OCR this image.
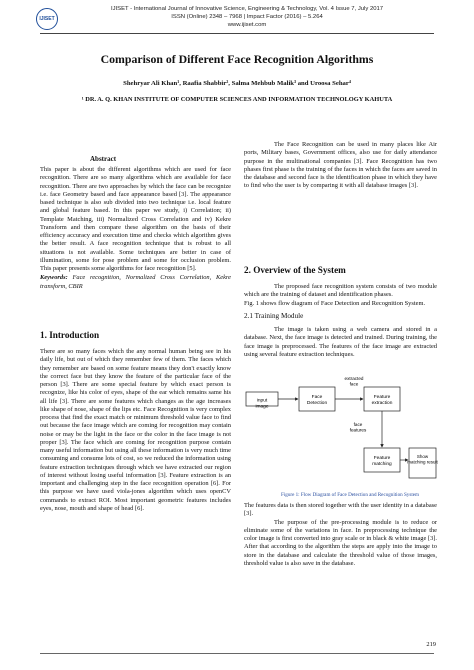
IJISET
IJISET - International Journal of Innovative Science, Engineering & Technology, Vol. 4 Issue 7, July 2017
ISSN (Online) 2348 – 7968 | Impact Factor (2016) – 5.264
www.ijiset.com
Comparison of Different Face Recognition Algorithms
Shehryar Ali Khan¹, Raafia Shabbir², Salma Mehbub Malik³ and Uroosa Sehar⁴
¹ DR. A. Q. KHAN INSTITUTE OF COMPUTER SCIENCES AND INFORMATION TECHNOLOGY KAHUTA
Abstract

This paper is about the different algorithms which are used for face recognition. There are so many algorithms which are available for face recognition. There are two approaches by which the face can be recognize i.e. face Geometry based and face appearance based [3]. The appearance based technique is also sub divided into two technique i.e. local feature and global feature based. In this paper we study, i) Correlation; ii) Template Matching, iii) Normalized Cross Correlation and iv) Kekre Transform and then compare these algorithm on the basis of their efficiency accuracy and execution time and checks which algorithm gives the better result. A face recognition technique that is robust to all situations is not available. Some techniques are better in case of illumination, some for pose problem and some for occlusion problem. This paper presents some algorithms for face recognition [5].

Keywords: Face recognition, Normalized Cross Correlation, Kekre transform, CBIR

1. Introduction
There are so many faces which the any normal human being see in his daily life, but out of which they remember few of them. The faces which they remember are based on some feature means they don't exactly know the correct face but they know the feature of the particular face of the person [3]. There are some special feature by which exact person is recognize, like his color of eyes, shape of the ear which remains same his all life [3]. There are some features which changes as the age increases like shape of nose, shape of the lips etc. Face Recognition is very complex process that find the exact match or minimum threshold value face to find out because the face image which are coming for recognition may contain noise or may be the light in the face or the color in the face image is not proper [3]. The face which are coming for recognition purpose contain many useful information but using all these information is very much time consuming and consume lots of cost, so we reduced the information using feature extraction techniques through which we have extracted our region of interest without losing useful information [3]. Feature extraction is an important and challenging step in the face recognition operation [6]. For this purpose we have used viola-jones algorithm which uses openCV commands to extract ROI. Most important geometric features includes eyes, nose, mouth and shape of head [6].
The Face Recognition can be used in many places like Air ports, Military bases, Government offices, also use for daily attendance purpose in the multinational companies [3]. Face Recognition has two phases first phase is the training of the faces in which the faces are saved in the database and second face is the identification phase in which they have to find who the user is by comparing it with all database images [3].
2. Overview of the System

The proposed face recognition system consists of two module which are the training of dataset and identification phases.

Fig. 1 shows flow diagram of Face Detection and Recognition System.

2.1 Training Module
The image is taken using a web camera and stored in a database. Next, the face image is detected and trained. During training, the face image is preprocessed. The features of the face image are extracted using several feature extraction techniques.
input image
Face Detection
extracted face
Feature extraction
face features
Feature matching
Show matching result
Figure 1: Flow Diagram of Face Detection and Recognition System

The features data is then stored together with the user identity in a database [3].

The purpose of the pre-processing module is to reduce or eliminate some of the variations in face. In preprocessing technique the color image is first converted into gray scale or in black & white image [3]. After that according to the algorithm the steps are apply into the image to store in the database and calculate the threshold value of those images, threshold value is also save in the database.

219
